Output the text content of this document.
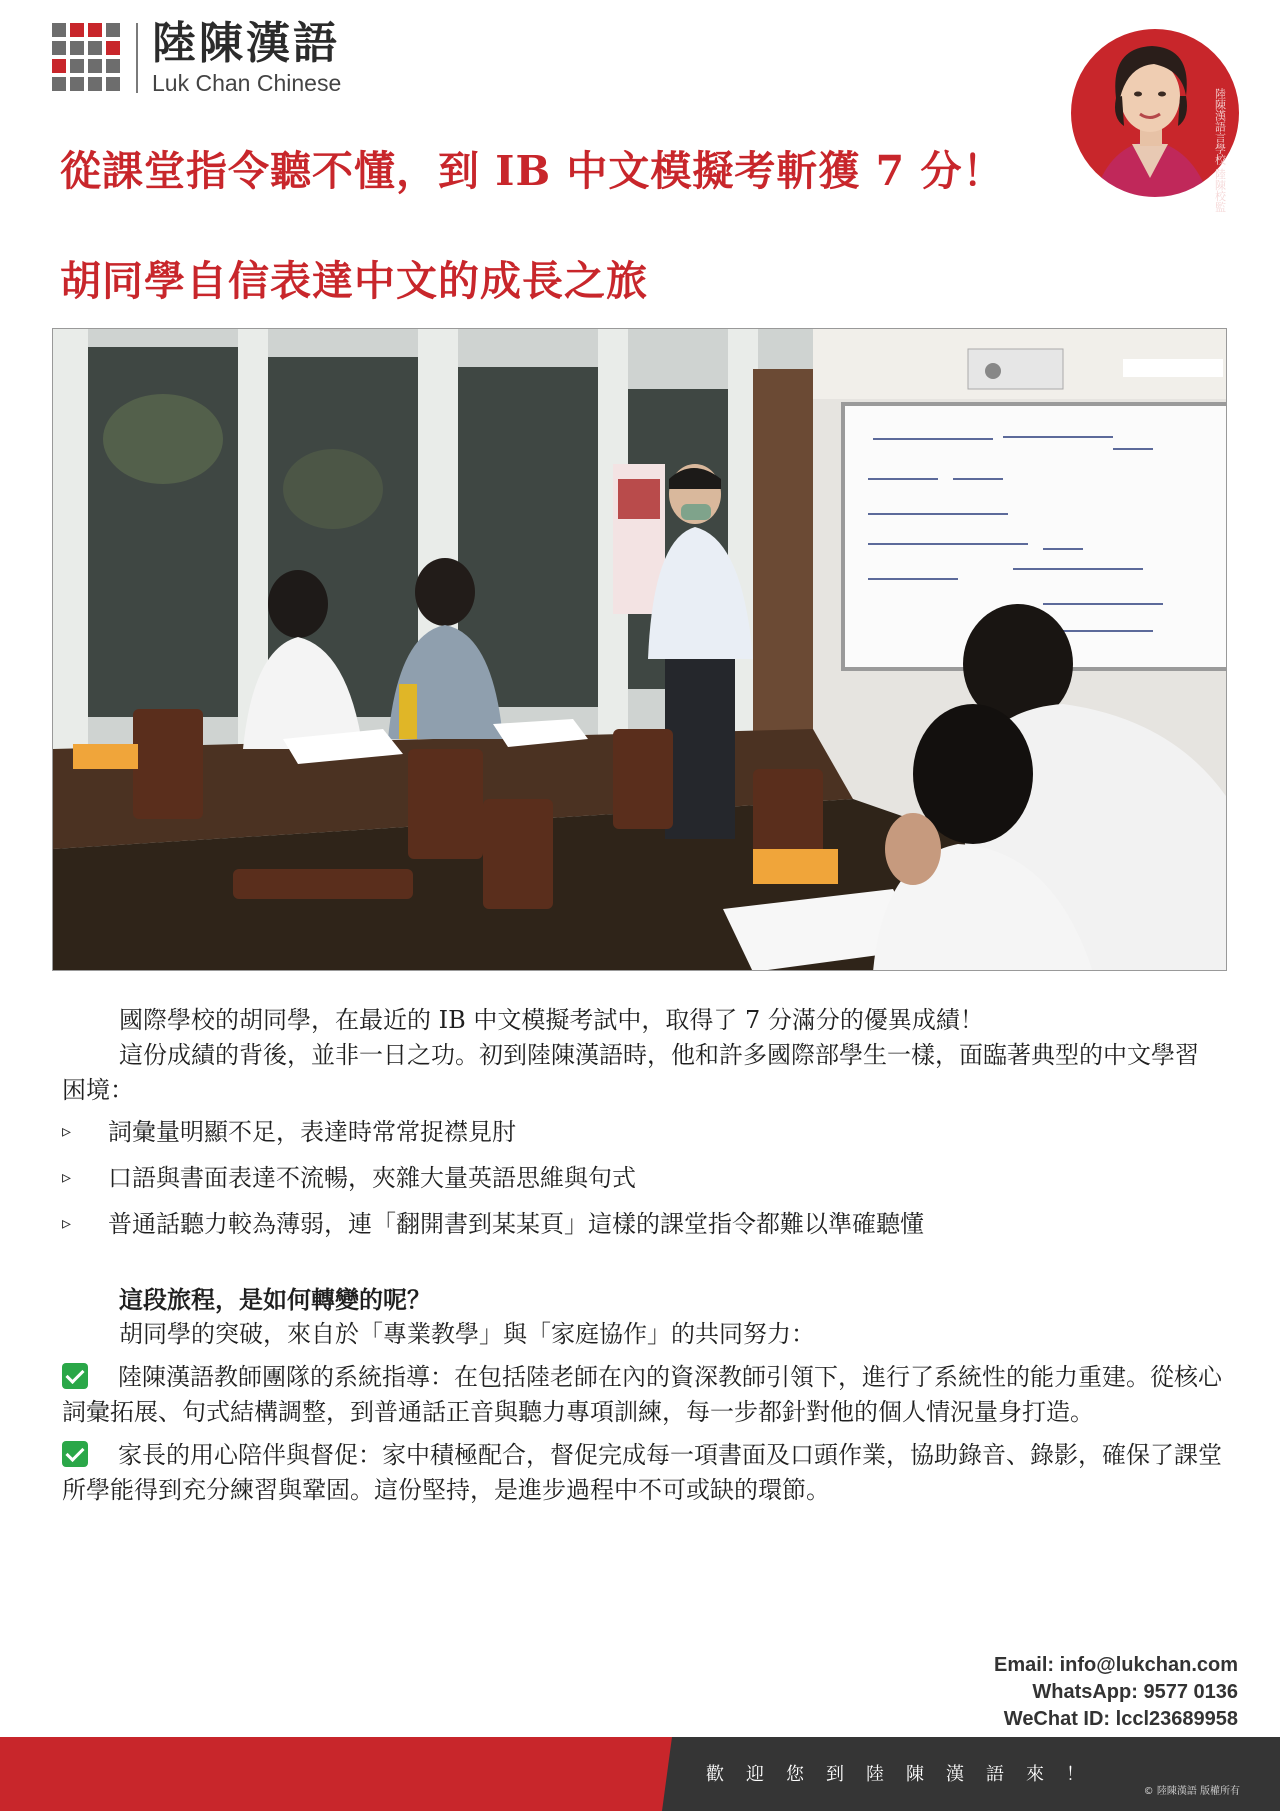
陸陳漢語
Luk Chan Chinese
陸陳漢語言學校 陸陳校監
從課堂指令聽不懂，到 IB 中文模擬考斬獲 7 分！
胡同學自信表達中文的成長之旅

國際學校的胡同學，在最近的 IB 中文模擬考試中，取得了 7 分滿分的優異成績！

這份成績的背後，並非一日之功。初到陸陳漢語時，他和許多國際部學生一樣，面臨著典型的中文學習困境：

▹	詞彙量明顯不足，表達時常常捉襟見肘
▹	口語與書面表達不流暢，夾雜大量英語思維與句式
▹	普通話聽力較為薄弱，連「翻開書到某某頁」這樣的課堂指令都難以準確聽懂

這段旅程，是如何轉變的呢？

胡同學的突破，來自於「專業教學」與「家庭協作」的共同努力：

陸陳漢語教師團隊的系統指導：在包括陸老師在內的資深教師引領下，進行了系統性的能力重建。從核心詞彙拓展、句式結構調整，到普通話正音與聽力專項訓練，每一步都針對他的個人情況量身打造。

家長的用心陪伴與督促：家中積極配合，督促完成每一項書面及口頭作業，協助錄音、錄影，確保了課堂所學能得到充分練習與鞏固。這份堅持，是進步過程中不可或缺的環節。

Email: info@lukchan.com
WhatsApp: 9577 0136
WeChat ID: lccl23689958
歡迎您到陸陳漢語來！
© 陸陳漢語 版權所有
